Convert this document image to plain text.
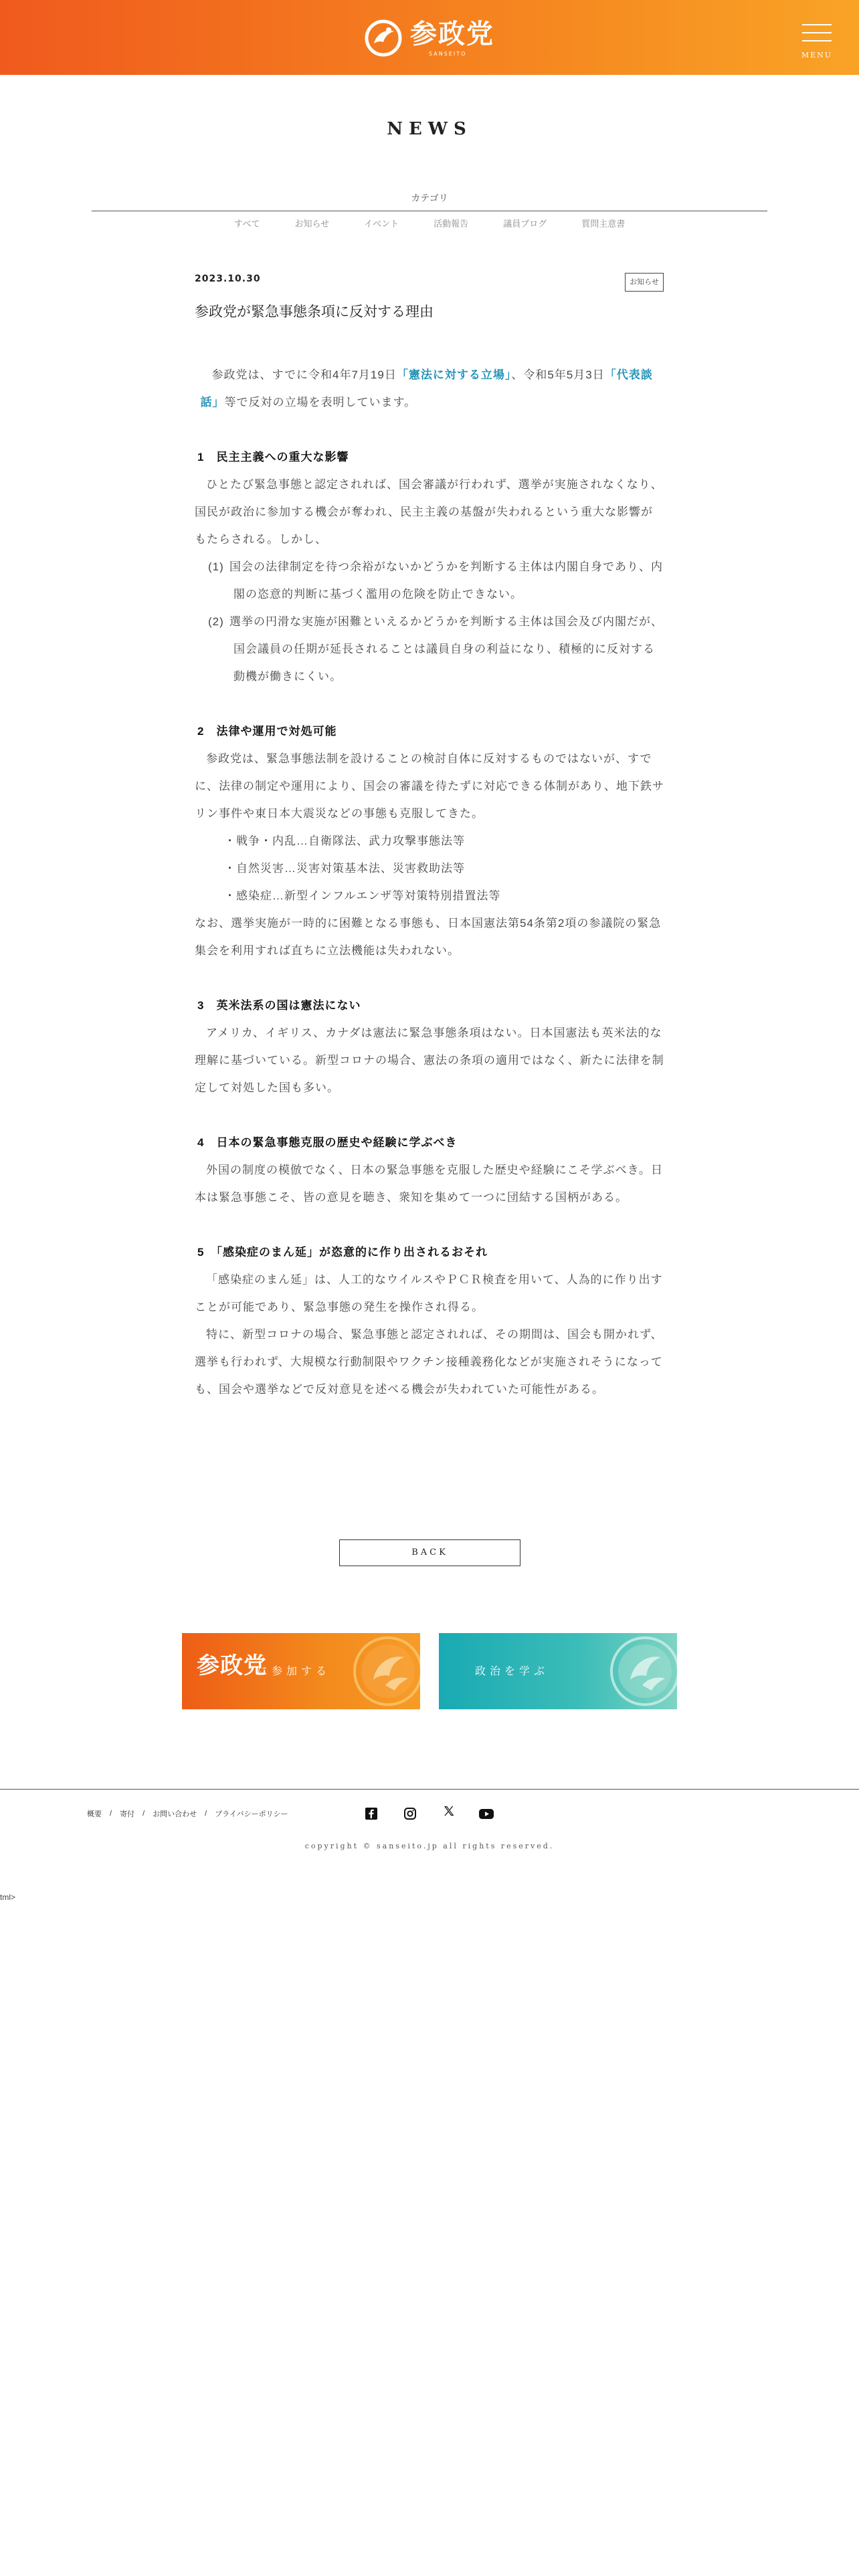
参政党
SANSEITO	MENU
NEWS
カテゴリ
すべて	お知らせ	イベント	活動報告	議員ブログ	質問主意書
2023.10.30	お知らせ
参政党が緊急事態条項に反対する理由

参政党は、すでに令和4年7月19日「憲法に対する立場」、令和5年5月3日「代表談話」等で反対の立場を表明しています。

1　民主主義への重大な影響

ひとたび緊急事態と認定されれば、国会審議が行われず、選挙が実施されなくなり、国民が政治に参加する機会が奪われ、民主主義の基盤が失われるという重大な影響がもたらされる。しかし、

(1) 国会の法律制定を待つ余裕がないかどうかを判断する主体は内閣自身であり、内閣の恣意的判断に基づく濫用の危険を防止できない。

(2) 選挙の円滑な実施が困難といえるかどうかを判断する主体は国会及び内閣だが、国会議員の任期が延長されることは議員自身の利益になり、積極的に反対する動機が働きにくい。

2　法律や運用で対処可能

参政党は、緊急事態法制を設けることの検討自体に反対するものではないが、すでに、法律の制定や運用により、国会の審議を待たずに対応できる体制があり、地下鉄サリン事件や東日本大震災などの事態も克服してきた。

・戦争・内乱…自衛隊法、武力攻撃事態法等

・自然災害…災害対策基本法、災害救助法等

・感染症…新型インフルエンザ等対策特別措置法等

なお、選挙実施が一時的に困難となる事態も、日本国憲法第54条第2項の参議院の緊急集会を利用すれば直ちに立法機能は失われない。

3　英米法系の国は憲法にない

アメリカ、イギリス、カナダは憲法に緊急事態条項はない。日本国憲法も英米法的な理解に基づいている。新型コロナの場合、憲法の条項の適用ではなく、新たに法律を制定して対処した国も多い。

4　日本の緊急事態克服の歴史や経験に学ぶべき

外国の制度の模倣でなく、日本の緊急事態を克服した歴史や経験にこそ学ぶべき。日本は緊急事態こそ、皆の意見を聴き、衆知を集めて一つに団結する国柄がある。

5　「感染症のまん延」が恣意的に作り出されるおそれ

「感染症のまん延」は、人工的なウイルスやＰＣＲ検査を用いて、人為的に作り出すことが可能であり、緊急事態の発生を操作され得る。

特に、新型コロナの場合、緊急事態と認定されれば、その期間は、国会も開かれず、選挙も行われず、大規模な行動制限やワクチン接種義務化などが実施されそうになっても、国会や選挙などで反対意見を述べる機会が失われていた可能性がある。

BACK
参政党
に参加する	政治を学ぶ
概要	/	寄付	/	お問い合わせ	/	プライバシーポリシー
copyright © sanseito.jp all rights reserved.
tml>
